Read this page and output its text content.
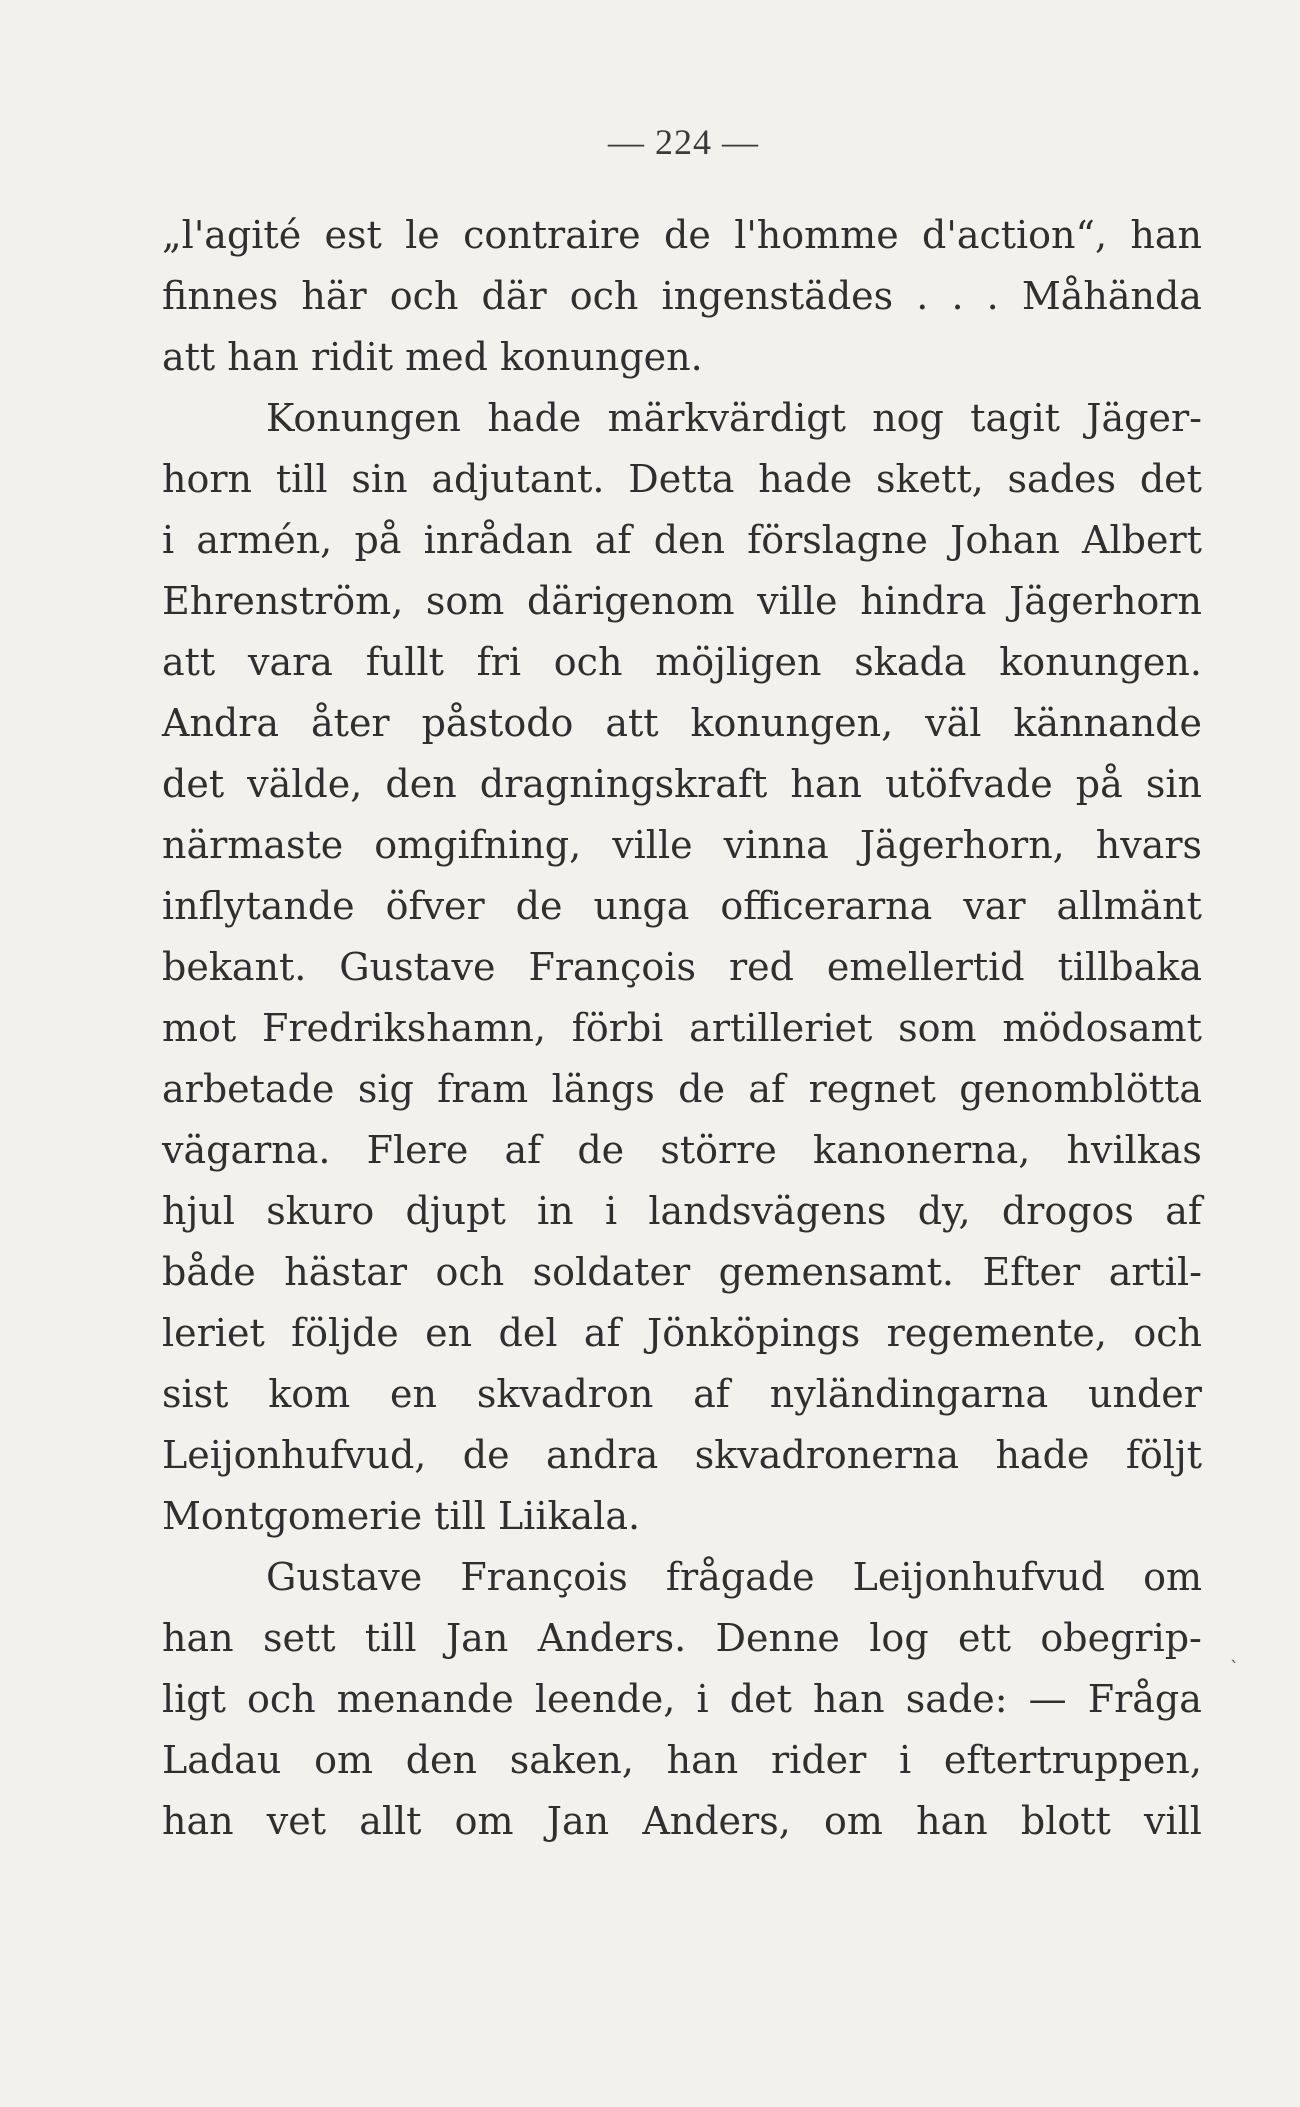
— 224 —
„l'agité est le contraire de l'homme d'action“, han
finnes här och där och ingenstädes . . . Måhända
att han ridit med konungen.
Konungen hade märkvärdigt nog tagit Jäger-
horn till sin adjutant. Detta hade skett, sades det
i armén, på inrådan af den förslagne Johan Albert
Ehrenström, som därigenom ville hindra Jägerhorn
att vara fullt fri och möjligen skada konungen.
Andra åter påstodo att konungen, väl kännande
det välde, den dragningskraft han utöfvade på sin
närmaste omgifning, ville vinna Jägerhorn, hvars
inflytande öfver de unga officerarna var allmänt
bekant. Gustave François red emellertid tillbaka
mot Fredrikshamn, förbi artilleriet som mödosamt
arbetade sig fram längs de af regnet genomblötta
vägarna. Flere af de större kanonerna, hvilkas
hjul skuro djupt in i landsvägens dy, drogos af
både hästar och soldater gemensamt. Efter artil-
leriet följde en del af Jönköpings regemente, och
sist kom en skvadron af nyländingarna under
Leijonhufvud, de andra skvadronerna hade följt
Montgomerie till Liikala.
Gustave François frågade Leijonhufvud om
han sett till Jan Anders. Denne log ett obegrip-
ligt och menande leende, i det han sade: — Fråga
Ladau om den saken, han rider i eftertruppen,
han vet allt om Jan Anders, om han blott vill
ˎ
